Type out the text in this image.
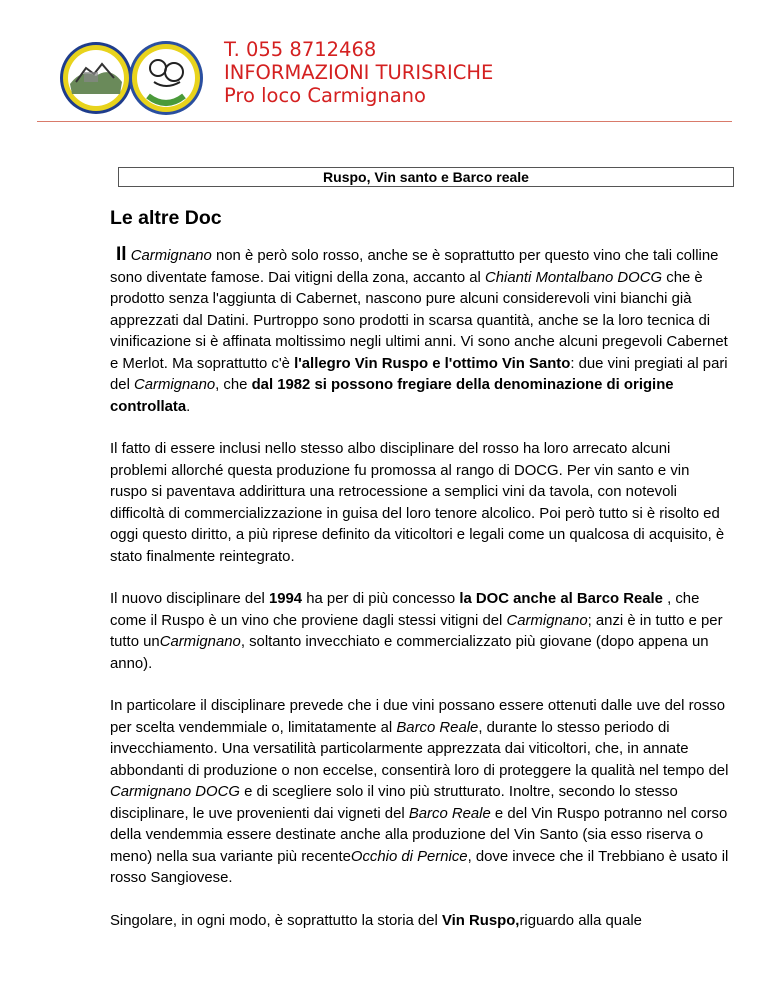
T. 055 8712468
INFORMAZIONI TURISRICHE
Pro loco Carmignano
Ruspo, Vin santo e Barco reale
Le altre Doc

Il Carmignano non è però solo rosso, anche se è soprattutto per questo vino che tali colline sono diventate famose. Dai vitigni della zona, accanto al Chianti Montalbano DOCG che è prodotto senza l'aggiunta di Cabernet, nascono pure alcuni considerevoli vini bianchi già apprezzati dal Datini. Purtroppo sono prodotti in scarsa quantità, anche se la loro tecnica di vinificazione si è affinata moltissimo negli ultimi anni. Vi sono anche alcuni pregevoli Cabernet e Merlot. Ma soprattutto c'è l'allegro Vin Ruspo e l'ottimo Vin Santo: due vini pregiati al pari del Carmignano, che dal 1982 si possono fregiare della denominazione di origine controllata.

Il fatto di essere inclusi nello stesso albo disciplinare del rosso ha loro arrecato alcuni problemi allorché questa produzione fu promossa al rango di DOCG. Per vin santo e vin ruspo si paventava addirittura una retrocessione a semplici vini da tavola, con notevoli difficoltà di commercializzazione in guisa del loro tenore alcolico. Poi però tutto si è risolto ed oggi questo diritto, a più riprese definito da viticoltori e legali come un qualcosa di acquisito, è stato finalmente reintegrato.

Il nuovo disciplinare del 1994 ha per di più concesso la DOC anche al Barco Reale , che come il Ruspo è un vino che proviene dagli stessi vitigni del Carmignano; anzi è in tutto e per tutto unCarmignano, soltanto invecchiato e commercializzato più giovane (dopo appena un anno).

In particolare il disciplinare prevede che i due vini possano essere ottenuti dalle uve del rosso per scelta vendemmiale o, limitatamente al Barco Reale, durante lo stesso periodo di invecchiamento. Una versatilità particolarmente apprezzata dai viticoltori, che, in annate abbondanti di produzione o non eccelse, consentirà loro di proteggere la qualità nel tempo del Carmignano DOCG e di scegliere solo il vino più strutturato. Inoltre, secondo lo stesso disciplinare, le uve provenienti dai vigneti del Barco Reale e del Vin Ruspo potranno nel corso della vendemmia essere destinate anche alla produzione del Vin Santo (sia esso riserva o meno) nella sua variante più recenteOcchio di Pernice, dove invece che il Trebbiano è usato il rosso Sangiovese.

Singolare, in ogni modo, è soprattutto la storia del Vin Ruspo,riguardo alla quale
